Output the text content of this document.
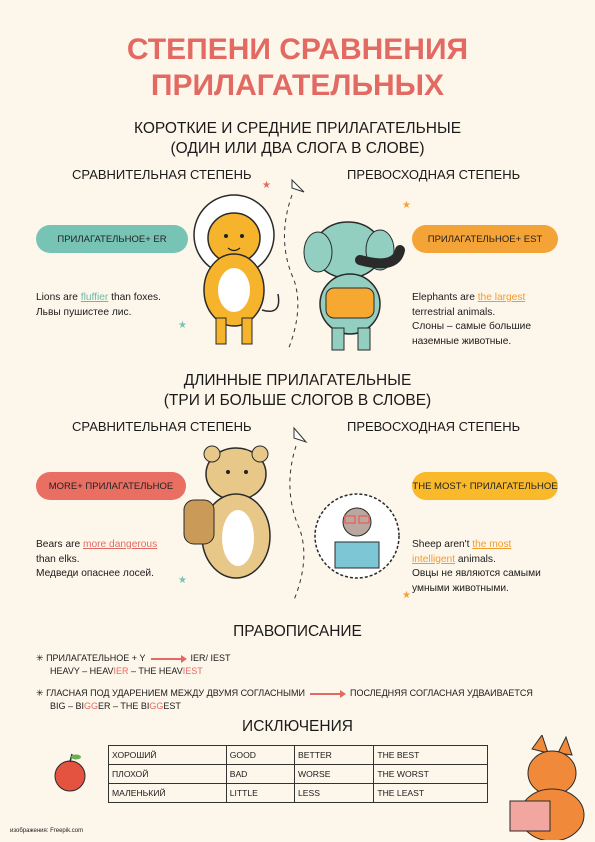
СТЕПЕНИ СРАВНЕНИЯ
ПРИЛАГАТЕЛЬНЫХ
КОРОТКИЕ И СРЕДНИЕ ПРИЛАГАТЕЛЬНЫЕ
(ОДИН ИЛИ ДВА СЛОГА В СЛОВЕ)
СРАВНИТЕЛЬНАЯ СТЕПЕНЬ	ПРЕВОСХОДНАЯ СТЕПЕНЬ
ПРИЛАГАТЕЛЬНОЕ+ ER	ПРИЛАГАТЕЛЬНОЕ+ EST
Lions are fluffier than foxes.
Львы пушистее лис.
Elephants are the largest
terrestrial animals.
Слоны – самые большие
наземные животные.
ДЛИННЫЕ ПРИЛАГАТЕЛЬНЫЕ
(ТРИ И БОЛЬШЕ СЛОГОВ В СЛОВЕ)
СРАВНИТЕЛЬНАЯ СТЕПЕНЬ	ПРЕВОСХОДНАЯ СТЕПЕНЬ
MORE+ ПРИЛАГАТЕЛЬНОЕ	THE MOST+ ПРИЛАГАТЕЛЬНОЕ
Bears are more dangerous
than elks.
Медведи опаснее лосей.
Sheep aren't the most
intelligent animals.
Овцы не являются самыми
умными животными.
ПРАВОПИСАНИЕ
✳ ПРИЛАГАТЕЛЬНОЕ + Y	IER/ IEST
HEAVY – HEAVIER – THE HEAVIEST
✳ ГЛАСНАЯ ПОД УДАРЕНИЕМ МЕЖДУ ДВУМЯ СОГЛАСНЫМИ	ПОСЛЕДНЯЯ СОГЛАСНАЯ УДВАИВАЕТСЯ
BIG – BIGGER – THE BIGGEST
ИСКЛЮЧЕНИЯ
ХОРОШИЙ	GOOD	BETTER	THE BEST
ПЛОХОЙ	BAD	WORSE	THE WORST
МАЛЕНЬКИЙ	LITTLE	LESS	THE LEAST
★
★
★
★
★
изображения: Freepik.com
